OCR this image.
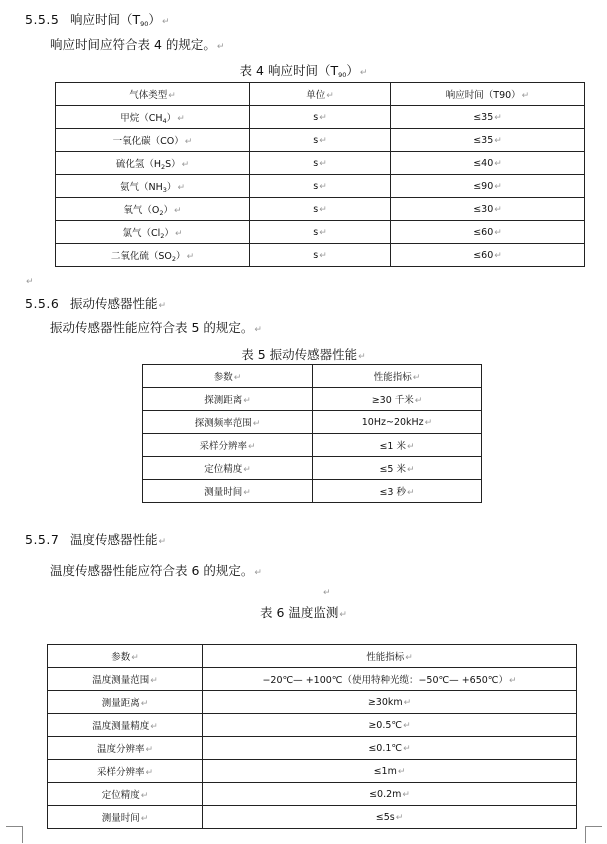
5.5.5 响应时间$(T_{90})↵$
响应时间应符合表 4 的规定。↵
表 4 响应时间$(T_{90})↵$
气体类型↵	单位↵	响应时间（T90）↵
甲烷$(CH_4)↵$	s↵	≤35↵
一氧化碳（CO）↵	s↵	≤35↵
硫化氢$(H_2S)↵$	s↵	≤40↵
氨气$(NH_3)↵$	s↵	≤90↵
氧气$(O_2)↵$	s↵	≤30↵
氯气$(Cl_2)↵$	s↵	≤60↵
二氧化硫$(SO_2)↵$	s↵	≤60↵
↵
5.5.6 振动传感器性能↵
振动传感器性能应符合表 5 的规定。↵
表 5 振动传感器性能↵
参数↵	性能指标↵
探测距离↵	≥30 千米↵
探测频率范围↵	10Hz~20kHz↵
采样分辨率↵	≤1 米↵
定位精度↵	≤5 米↵
测量时间↵	≤3 秒↵
5.5.7 温度传感器性能↵
温度传感器性能应符合表 6 的规定。↵
↵
表 6 温度监测↵
参数↵	性能指标↵
温度测量范围↵	−20℃— +100℃（使用特种光缆：−50℃— +650℃）↵
测量距离↵	≥30km↵
温度测量精度↵	≥0.5℃↵
温度分辨率↵	≤0.1℃↵
采样分辨率↵	≤1m↵
定位精度↵	≤0.2m↵
测量时间↵	≤5s↵
